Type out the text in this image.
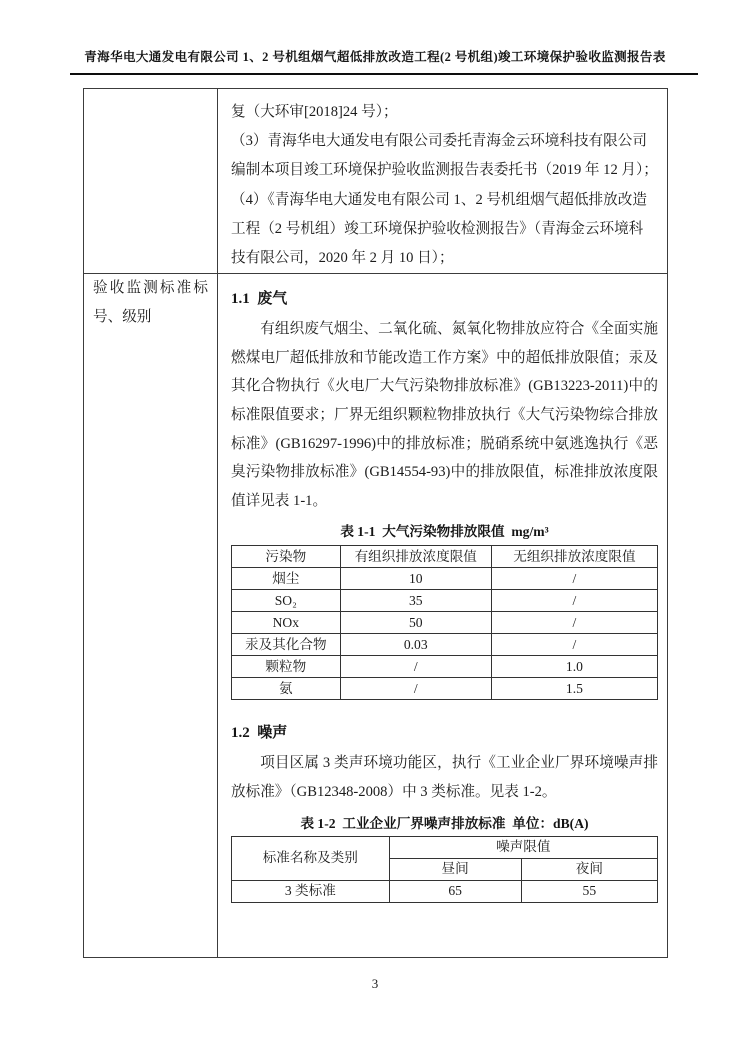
青海华电大通发电有限公司 1、2 号机组烟气超低排放改造工程(2 号机组)竣工环境保护验收监测报告表

复（大环审[2018]24 号）；
（3）青海华电大通发电有限公司委托青海金云环境科技有限公司
编制本项目竣工环境保护验收监测报告表委托书（2019 年 12 月）；
（4）《青海华电大通发电有限公司 1、2 号机组烟气超低排放改造
工程（2 号机组）竣工环境保护验收检测报告》（青海金云环境科
技有限公司，2020 年 2 月 10 日）；

验收监测标准标号、级别	
1.1  废气

有组织废气烟尘、二氧化硫、氮氧化物排放应符合《全面实施燃煤电厂超低排放和节能改造工作方案》中的超低排放限值；汞及其化合物执行《火电厂大气污染物排放标准》(GB13223-2011)中的标准限值要求；厂界无组织颗粒物排放执行《大气污染物综合排放标准》(GB16297-1996)中的排放标准；脱硝系统中氨逃逸执行《恶臭污染物排放标准》(GB14554-93)中的排放限值，标准排放浓度限值详见表 1-1。

表 1-1  大气污染物排放限值  mg/m³
污染物	有组织排放浓度限值	无组织排放浓度限值
烟尘	10	/
SO₂	35	/
NOx	50	/
汞及其化合物	0.03	/
颗粒物	/	1.0
氨	/	1.5
1.2  噪声

项目区属 3 类声环境功能区，执行《工业企业厂界环境噪声排放标准》（GB12348-2008）中 3 类标准。见表 1-2。

表 1-2  工业企业厂界噪声排放标准  单位：dB(A)
标准名称及类别	噪声限值
昼间	夜间
3 类标准	65	55
3
